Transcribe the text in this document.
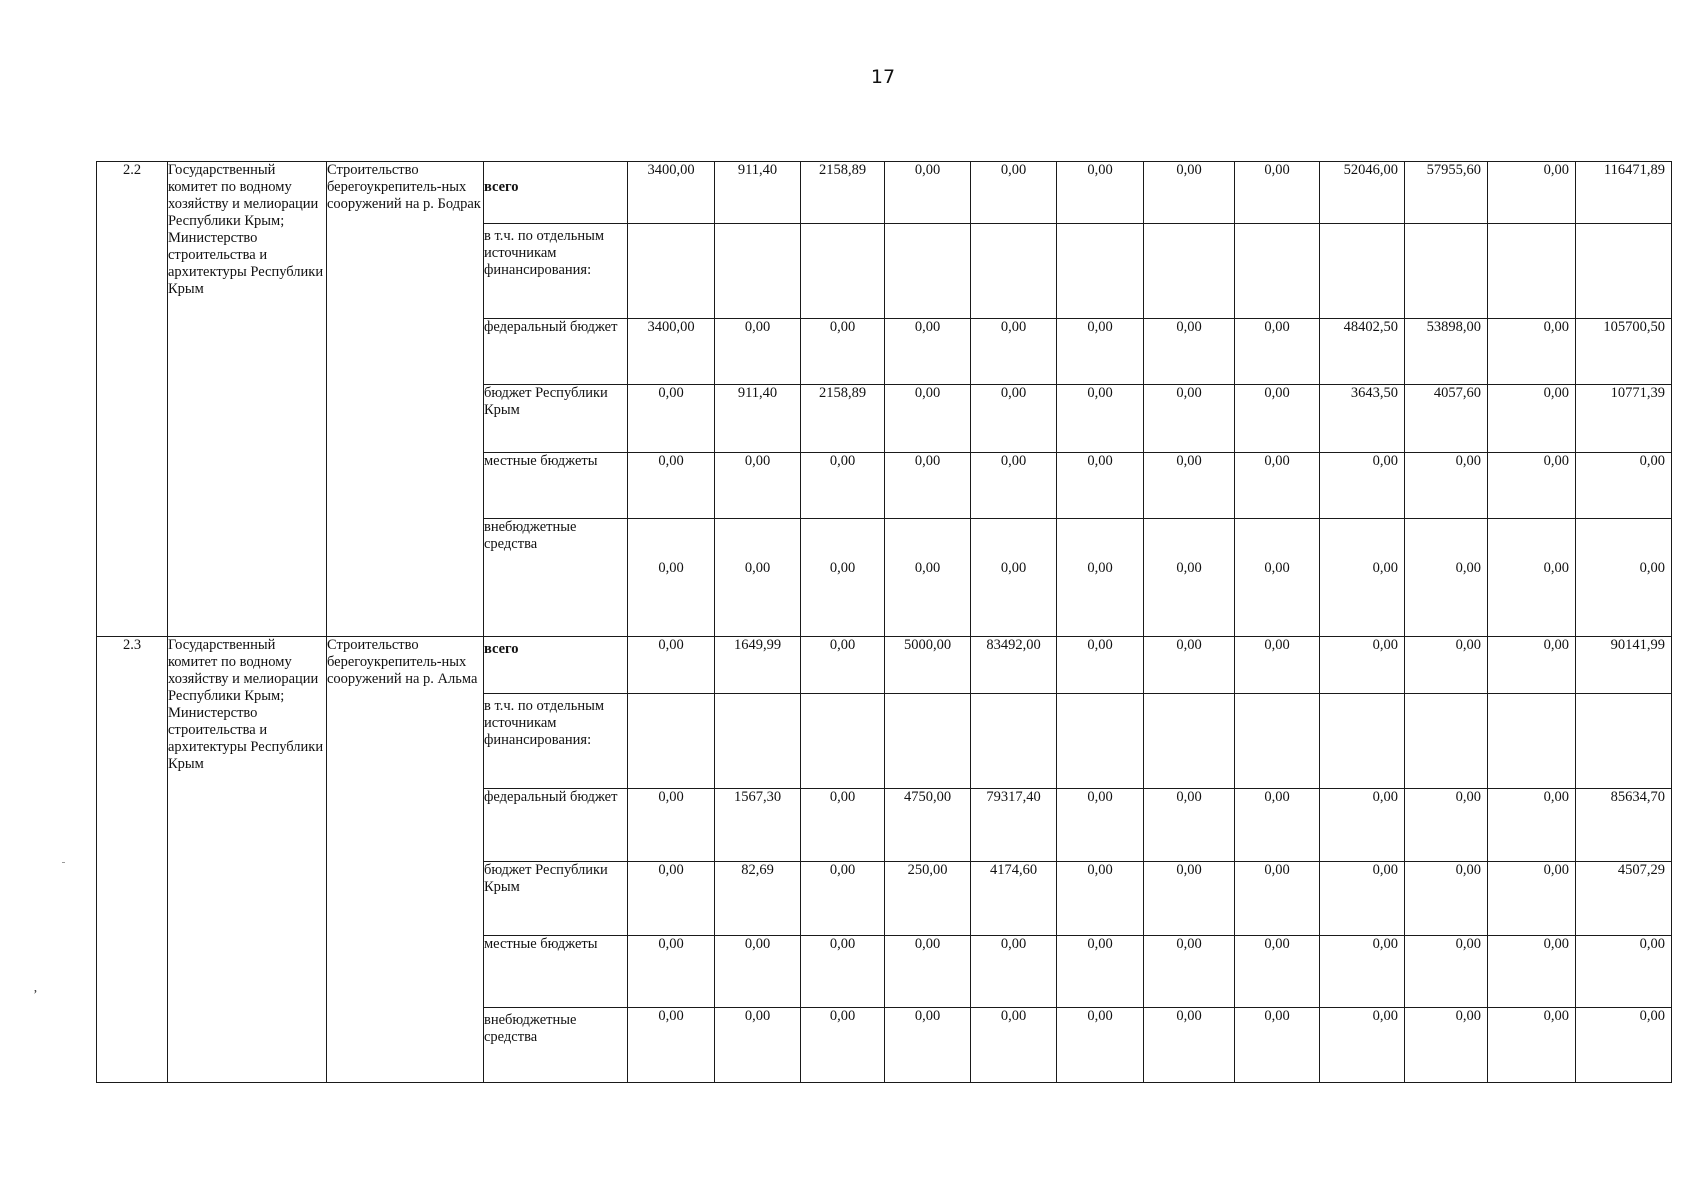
17
’
2.2	Государственный комитет по водному хозяйству и мелиорации Республики Крым; Министерство строительства и архитектуры Республики Крым	Строительство берегоукрепитель-ных сооружений на р. Бодрак	всего	3400,00	911,40	2158,89	0,00	0,00	0,00	0,00	0,00	52046,00	57955,60	0,00	116471,89
			в т.ч. по отдельным источникам финансирования:												
			федеральный бюджет	3400,00	0,00	0,00	0,00	0,00	0,00	0,00	0,00	48402,50	53898,00	0,00	105700,50
			бюджет Республики Крым	0,00	911,40	2158,89	0,00	0,00	0,00	0,00	0,00	3643,50	4057,60	0,00	10771,39
			местные бюджеты	0,00	0,00	0,00	0,00	0,00	0,00	0,00	0,00	0,00	0,00	0,00	0,00
			внебюджетные средства	0,00	0,00	0,00	0,00	0,00	0,00	0,00	0,00	0,00	0,00	0,00	0,00
2.3	Государственный комитет по водному хозяйству и мелиорации Республики Крым; Министерство строительства и архитектуры Республики Крым	Строительство берегоукрепитель-ных сооружений на р. Альма	всего	0,00	1649,99	0,00	5000,00	83492,00	0,00	0,00	0,00	0,00	0,00	0,00	90141,99
			в т.ч. по отдельным источникам финансирования:												
			федеральный бюджет	0,00	1567,30	0,00	4750,00	79317,40	0,00	0,00	0,00	0,00	0,00	0,00	85634,70
			бюджет Республики Крым	0,00	82,69	0,00	250,00	4174,60	0,00	0,00	0,00	0,00	0,00	0,00	4507,29
			местные бюджеты	0,00	0,00	0,00	0,00	0,00	0,00	0,00	0,00	0,00	0,00	0,00	0,00
			внебюджетные средства	0,00	0,00	0,00	0,00	0,00	0,00	0,00	0,00	0,00	0,00	0,00	0,00
